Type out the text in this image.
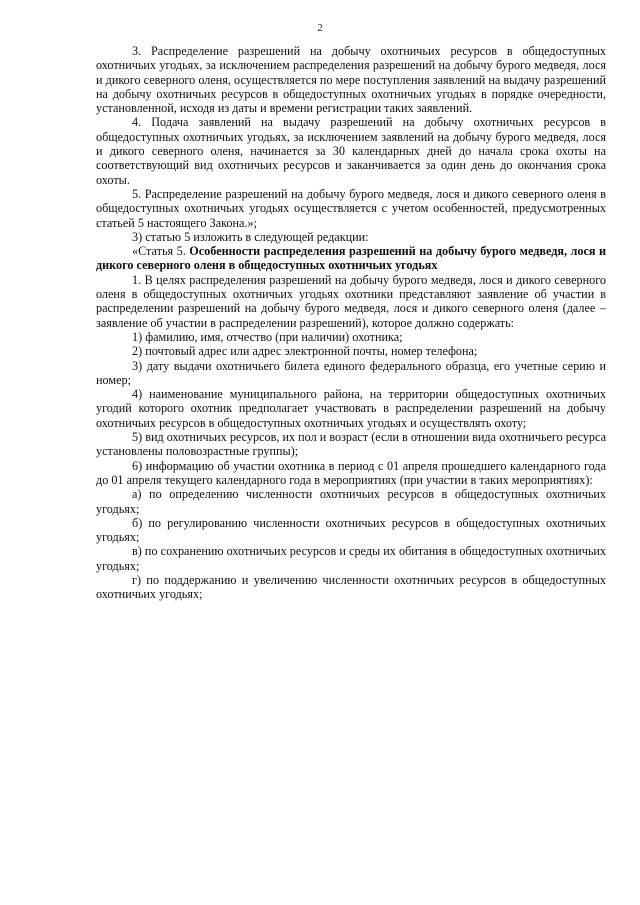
2

3. Распределение разрешений на добычу охотничьих ресурсов в общедоступных охотничьих угодьях, за исключением распределения разрешений на добычу бурого медведя, лося и дикого северного оленя, осуществляется по мере поступления заявлений на выдачу разрешений на добычу охотничьих ресурсов в общедоступных охотничьих угодьях в порядке очередности, установленной, исходя из даты и времени регистрации таких заявлений.

4. Подача заявлений на выдачу разрешений на добычу охотничьих ресурсов в общедоступных охотничьих угодьях, за исключением заявлений на добычу бурого медведя, лося и дикого северного оленя, начинается за 30 календарных дней до начала срока охоты на соответствующий вид охотничьих ресурсов и заканчивается за один день до окончания срока охоты.

5. Распределение разрешений на добычу бурого медведя, лося и дикого северного оленя в общедоступных охотничьих угодьях осуществляется с учетом особенностей, предусмотренных статьей 5 настоящего Закона.»;

3) статью 5 изложить в следующей редакции:

«Статья 5. Особенности распределения разрешений на добычу бурого медведя, лося и дикого северного оленя в общедоступных охотничьих угодьях

1. В целях распределения разрешений на добычу бурого медведя, лося и дикого северного оленя в общедоступных охотничьих угодьях охотники представляют заявление об участии в распределении разрешений на добычу бурого медведя, лося и дикого северного оленя (далее – заявление об участии в распределении разрешений), которое должно содержать:

1) фамилию, имя, отчество (при наличии) охотника;

2) почтовый адрес или адрес электронной почты, номер телефона;

3) дату выдачи охотничьего билета единого федерального образца, его учетные серию и номер;

4) наименование муниципального района, на территории общедоступных охотничьих угодий которого охотник предполагает участвовать в распределении разрешений на добычу охотничьих ресурсов в общедоступных охотничьих угодьях и осуществлять охоту;

5) вид охотничьих ресурсов, их пол и возраст (если в отношении вида охотничьего ресурса установлены половозрастные группы);

6) информацию об участии охотника в период с 01 апреля прошедшего календарного года до 01 апреля текущего календарного года в мероприятиях (при участии в таких мероприятиях):

а) по определению численности охотничьих ресурсов в общедоступных охотничьих угодьях;

б) по регулированию численности охотничьих ресурсов в общедоступных охотничьих угодьях;

в) по сохранению охотничьих ресурсов и среды их обитания в общедоступных охотничьих угодьях;

г) по поддержанию и увеличению численности охотничьих ресурсов в общедоступных охотничьих угодьях;
